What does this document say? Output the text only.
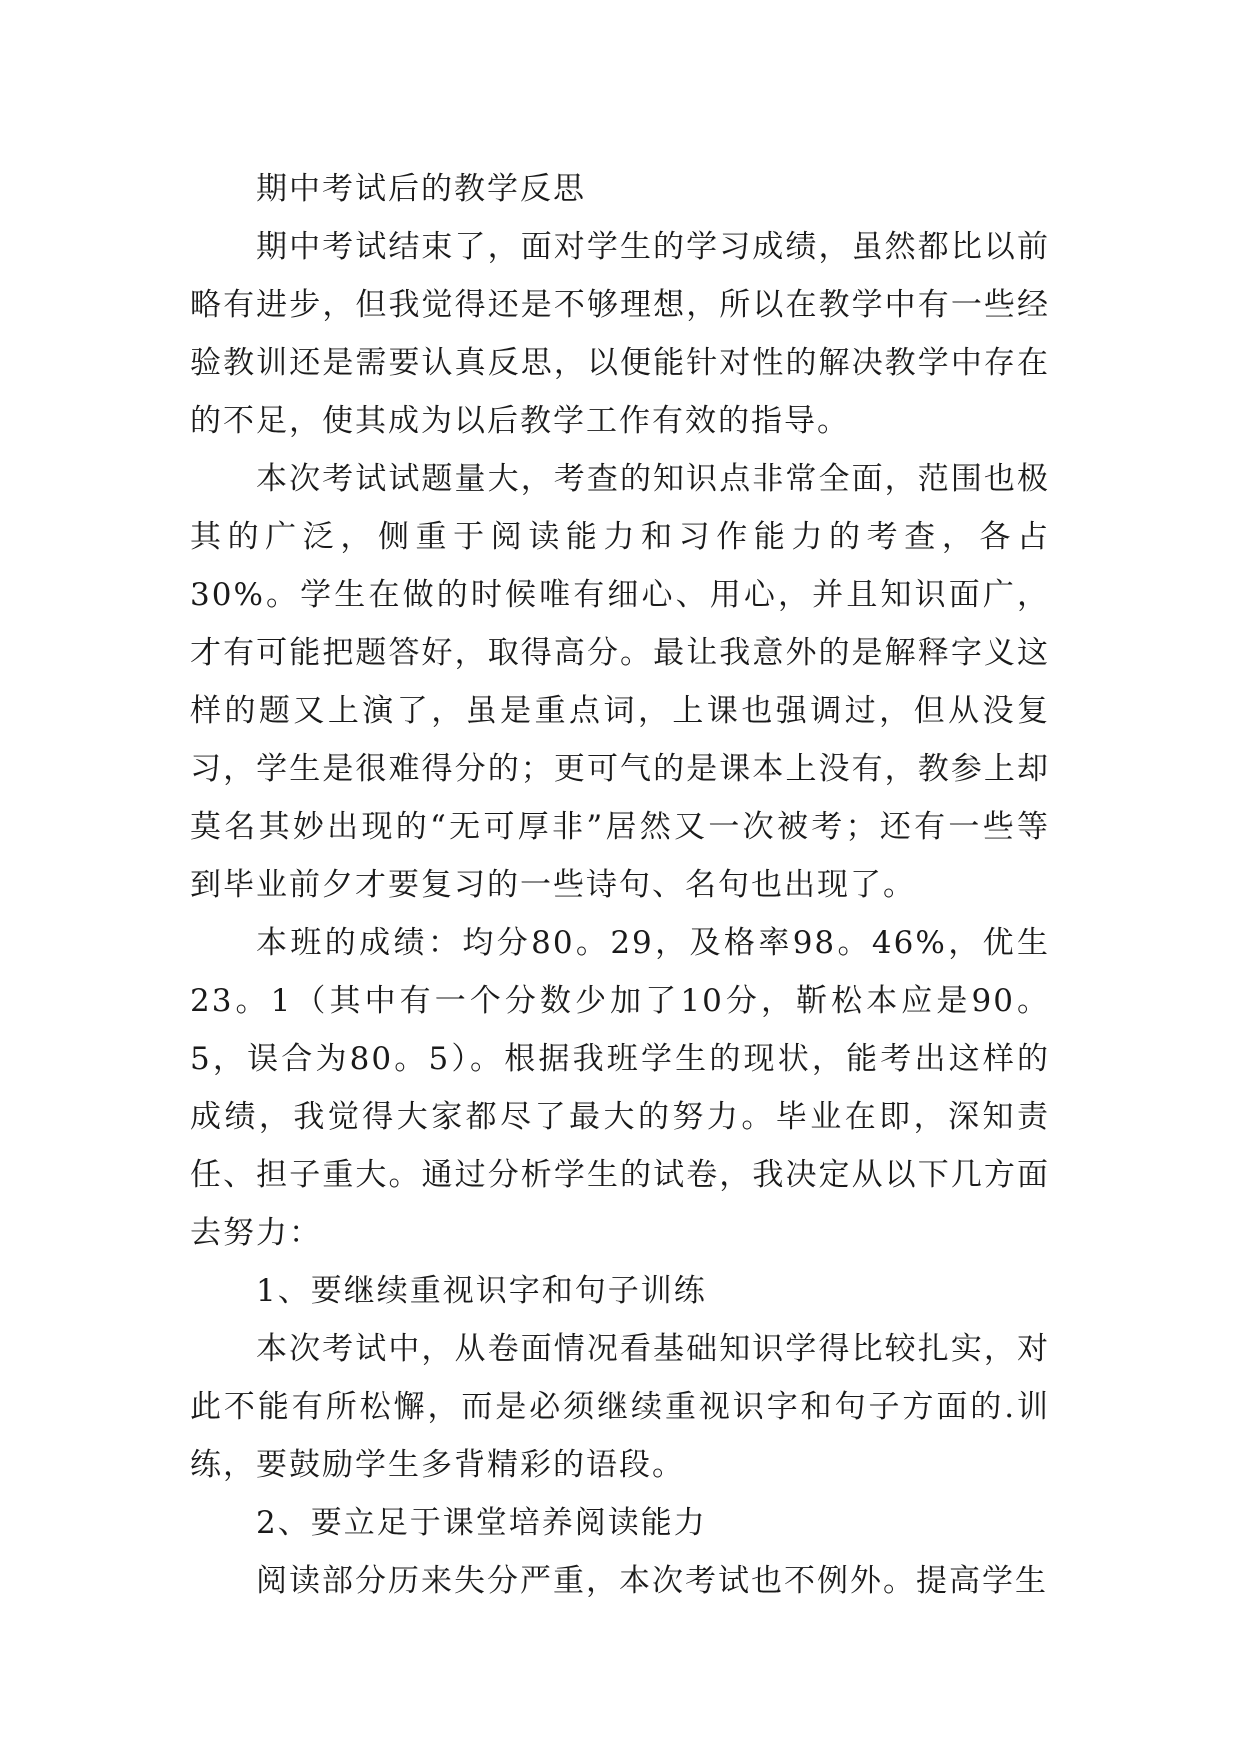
期中考试后的教学反思

期中考试结束了，面对学生的学习成绩，虽然都比以前略有进步，但我觉得还是不够理想，所以在教学中有一些经验教训还是需要认真反思，以便能针对性的解决教学中存在的不足，使其成为以后教学工作有效的指导。

本次考试试题量大，考查的知识点非常全面，范围也极其的广泛，侧重于阅读能力和习作能力的考查，各占30%。学生在做的时候唯有细心、用心，并且知识面广，才有可能把题答好，取得高分。最让我意外的是解释字义这样的题又上演了，虽是重点词，上课也强调过，但从没复习，学生是很难得分的；更可气的是课本上没有，教参上却莫名其妙出现的“无可厚非”居然又一次被考；还有一些等到毕业前夕才要复习的一些诗句、名句也出现了。

本班的成绩：均分80。29，及格率98。46%，优生23。1（其中有一个分数少加了10分，靳松本应是90。5，误合为80。5）。根据我班学生的现状，能考出这样的成绩，我觉得大家都尽了最大的努力。毕业在即，深知责任、担子重大。通过分析学生的试卷，我决定从以下几方面去努力：

1、要继续重视识字和句子训练

本次考试中，从卷面情况看基础知识学得比较扎实，对此不能有所松懈，而是必须继续重视识字和句子方面的.训练，要鼓励学生多背精彩的语段。

2、要立足于课堂培养阅读能力

阅读部分历来失分严重，本次考试也不例外。提高学生
